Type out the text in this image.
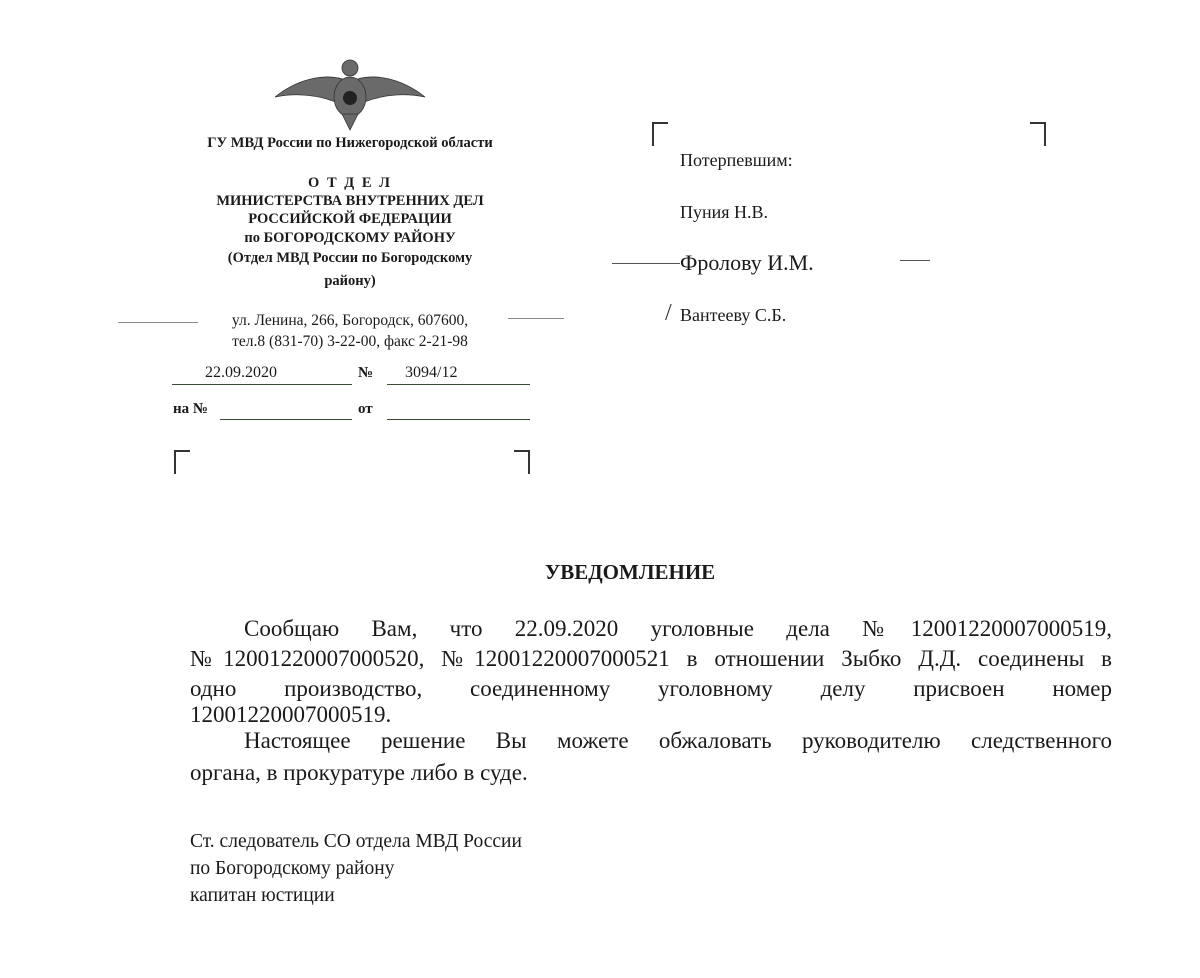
ГУ МВД России по Нижегородской области
О Т Д Е Л
МИНИСТЕРСТВА ВНУТРЕННИХ ДЕЛ
РОССИЙСКОЙ ФЕДЕРАЦИИ
по БОГОРОДСКОМУ РАЙОНУ
(Отдел МВД России по Богородскому
району)
ул. Ленина, 266, Богородск, 607600,
тел.8 (831-70) 3-22-00, факс 2-21-98
22.09.2020	№ 3094/12
на №	от
Потерпевшим:
Пуния Н.В.
Фролову И.М.
/ Вантееву С.Б.
УВЕДОМЛЕНИЕ
Сообщаю Вам, что 22.09.2020 уголовные дела №12001220007000519,
№12001220007000520, №12001220007000521 в отношении Зыбко Д.Д. соединены в
одно производство, соединенному уголовному делу присвоен номер
12001220007000519.
Настоящее решение Вы можете обжаловать руководителю следственного
органа, в прокуратуре либо в суде.
Ст. следователь СО отдела МВД России
по Богородскому району
капитан юстиции
